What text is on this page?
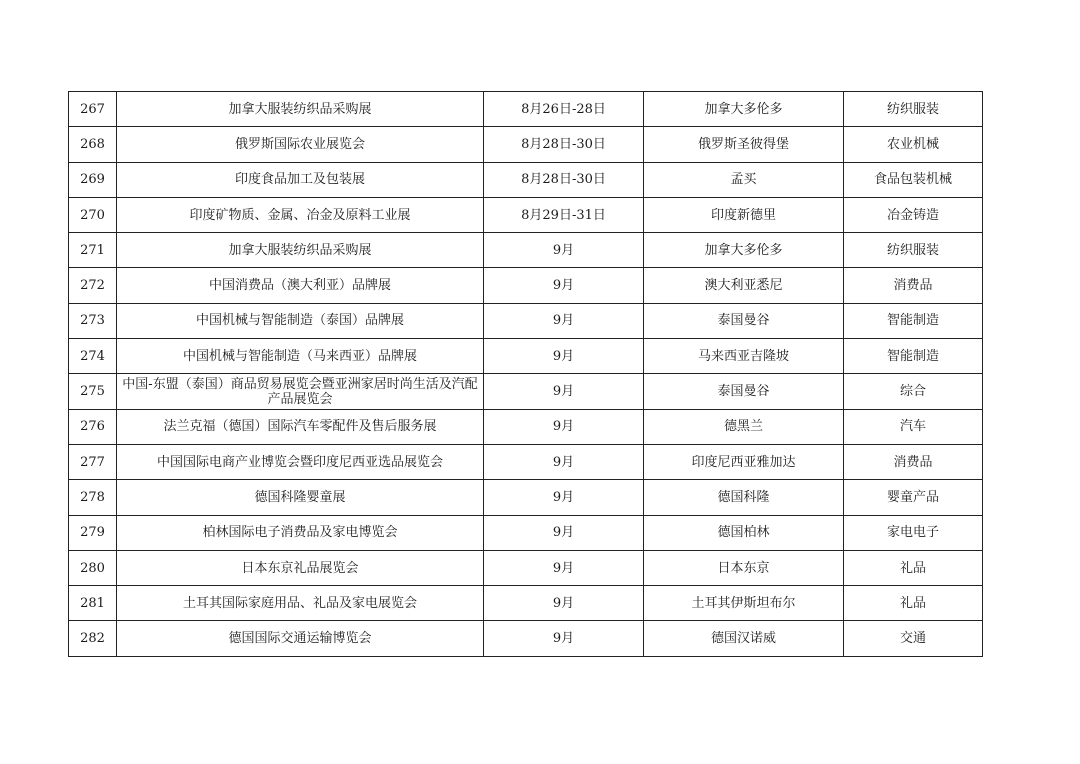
267	加拿大服装纺织品采购展	8月26日-28日	加拿大多伦多	纺织服装
268	俄罗斯国际农业展览会	8月28日-30日	俄罗斯圣彼得堡	农业机械
269	印度食品加工及包装展	8月28日-30日	孟买	食品包装机械
270	印度矿物质、金属、冶金及原料工业展	8月29日-31日	印度新德里	冶金铸造
271	加拿大服装纺织品采购展	9月	加拿大多伦多	纺织服装
272	中国消费品（澳大利亚）品牌展	9月	澳大利亚悉尼	消费品
273	中国机械与智能制造（泰国）品牌展	9月	泰国曼谷	智能制造
274	中国机械与智能制造（马来西亚）品牌展	9月	马来西亚吉隆坡	智能制造
275	中国-东盟（泰国）商品贸易展览会暨亚洲家居时尚生活及汽配产品展览会	9月	泰国曼谷	综合
276	法兰克福（德国）国际汽车零配件及售后服务展	9月	德黑兰	汽车
277	中国国际电商产业博览会暨印度尼西亚选品展览会	9月	印度尼西亚雅加达	消费品
278	德国科隆婴童展	9月	德国科隆	婴童产品
279	柏林国际电子消费品及家电博览会	9月	德国柏林	家电电子
280	日本东京礼品展览会	9月	日本东京	礼品
281	土耳其国际家庭用品、礼品及家电展览会	9月	土耳其伊斯坦布尔	礼品
282	德国国际交通运输博览会	9月	德国汉诺威	交通
